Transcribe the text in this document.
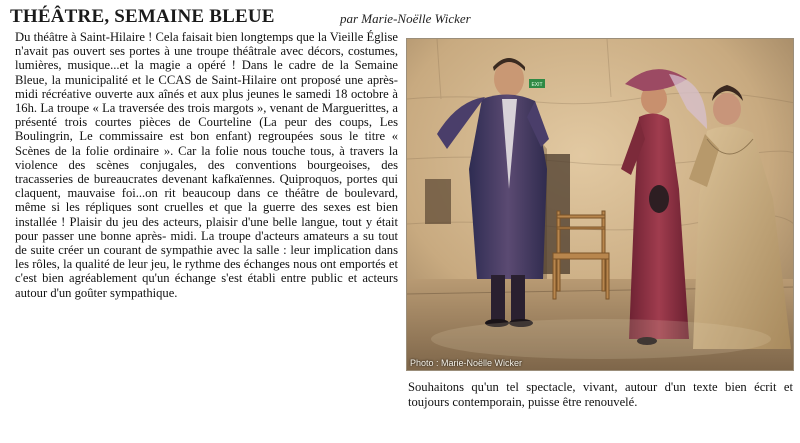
THÉÂTRE, SEMAINE BLEUE	par Marie-Noëlle Wicker
Du théâtre à Saint-Hilaire ! Cela faisait bien longtemps que la Vieille Église n'avait pas ouvert ses portes à une troupe théâtrale avec décors, costumes, lumières, musique...et la magie a opéré ! Dans le cadre de la Semaine Bleue, la municipalité et le CCAS de Saint-Hilaire ont proposé une après- midi récréative ouverte aux aînés et aux plus jeunes le samedi 18 octobre à 16h. La troupe « La traversée des trois margots », venant de Marguerittes, a présenté trois courtes pièces de Courteline (La peur des coups, Les Boulingrin, Le commissaire est bon enfant) regroupées sous le titre « Scènes de la folie ordinaire ». Car la folie nous touche tous, à travers la violence des scènes conjugales, des conventions bourgeoises, des tracasseries de bureaucrates devenant kafkaïennes. Quiproquos, portes qui claquent, mauvaise foi...on rit beaucoup dans ce théâtre de boulevard, même si les répliques sont cruelles et que la guerre des sexes est bien installée ! Plaisir du jeu des acteurs, plaisir d'une belle langue, tout y était pour passer une bonne après- midi. La troupe d'acteurs amateurs a su tout de suite créer un courant de sympathie avec la salle : leur implication dans les rôles, la qualité de leur jeu, le rythme des échanges nous ont emportés et c'est bien agréablement qu'un échange s'est établi entre public et acteurs autour d'un goûter sympathique.
EXIT
Photo : Marie-Noëlle Wicker
Souhaitons qu'un tel spectacle, vivant, autour d'un texte bien écrit et toujours contemporain, puisse être renouvelé.
